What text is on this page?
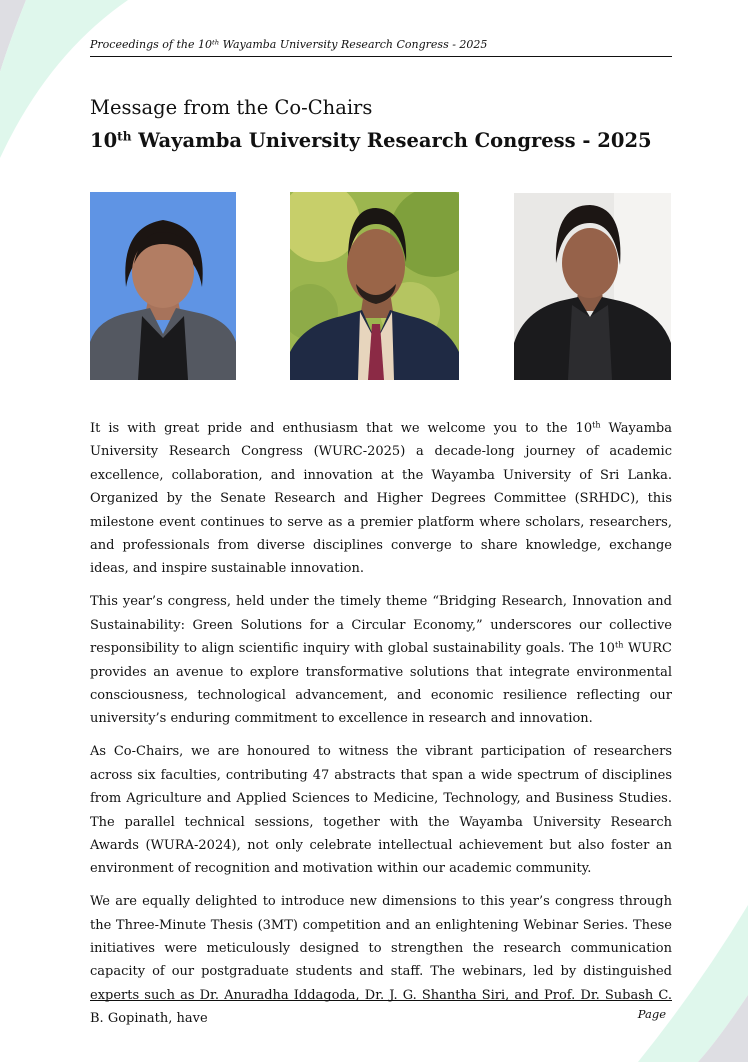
Proceedings of the 10th Wayamba University Research Congress - 2025
Message from the Co-Chairs
10th Wayamba University Research Congress - 2025

It is with great pride and enthusiasm that we welcome you to the 10th Wayamba University Research Congress (WURC-2025) a decade-long journey of academic excellence, collaboration, and innovation at the Wayamba University of Sri Lanka. Organized by the Senate Research and Higher Degrees Committee (SRHDC), this milestone event continues to serve as a premier platform where scholars, researchers, and professionals from diverse disciplines converge to share knowledge, exchange ideas, and inspire sustainable innovation.

This year’s congress, held under the timely theme “Bridging Research, Innovation and Sustainability: Green Solutions for a Circular Economy,” underscores our collective responsibility to align scientific inquiry with global sustainability goals. The 10th WURC provides an avenue to explore transformative solutions that integrate environmental consciousness, technological advancement, and economic resilience reflecting our university’s enduring commitment to excellence in research and innovation.

As Co-Chairs, we are honoured to witness the vibrant participation of researchers across six faculties, contributing 47 abstracts that span a wide spectrum of disciplines from Agriculture and Applied Sciences to Medicine, Technology, and Business Studies. The parallel technical sessions, together with the Wayamba University Research Awards (WURA-2024), not only celebrate intellectual achievement but also foster an environment of recognition and motivation within our academic community.

We are equally delighted to introduce new dimensions to this year’s congress through the Three-Minute Thesis (3MT) competition and an enlightening Webinar Series. These initiatives were meticulously designed to strengthen the research communication capacity of our postgraduate students and staff. The webinars, led by distinguished experts such as Dr. Anuradha Iddagoda, Dr. J. G. Shantha Siri, and Prof. Dr. Subash C. B. Gopinath, have	Page
